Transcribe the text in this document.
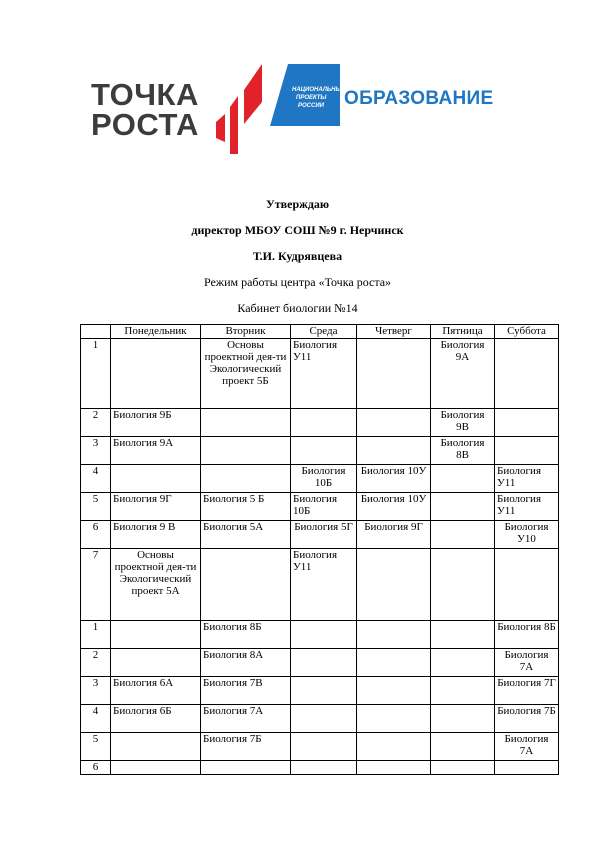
ТОЧКА
РОСТА
НАЦИОНАЛЬНЫЕ
ПРОЕКТЫ
РОССИИ ОБРАЗОВАНИЕ
Утверждаю
директор МБОУ СОШ №9 г. Нерчинск
Т.И. Кудрявцева
Режим работы центра «Точка роста»
Кабинет биологии №14
	Понедельник	Вторник	Среда	Четверг	Пятница	Суббота
1		Основы проектной дея-ти Экологический проект 5Б	Биология У11		Биология 9А	
2	Биология 9Б				Биология 9В	
3	Биология 9А				Биология 8В	
4			Биология 10Б	Биология 10У		Биология У11
5	Биология 9Г	Биология 5 Б	Биология 10Б	Биология 10У		Биология У11
6	Биология 9 В	Биология 5А	Биология 5Г	Биология 9Г		Биология У10
7	Основы проектной дея-ти Экологический проект 5А		Биология У11			
1		Биология 8Б				Биология 8Б
2		Биология 8А				Биология 7А
3	Биология 6А	Биология 7В				Биология 7Г
4	Биология 6Б	Биология 7А				Биология 7Б
5		Биология 7Б				Биология 7А
6						
